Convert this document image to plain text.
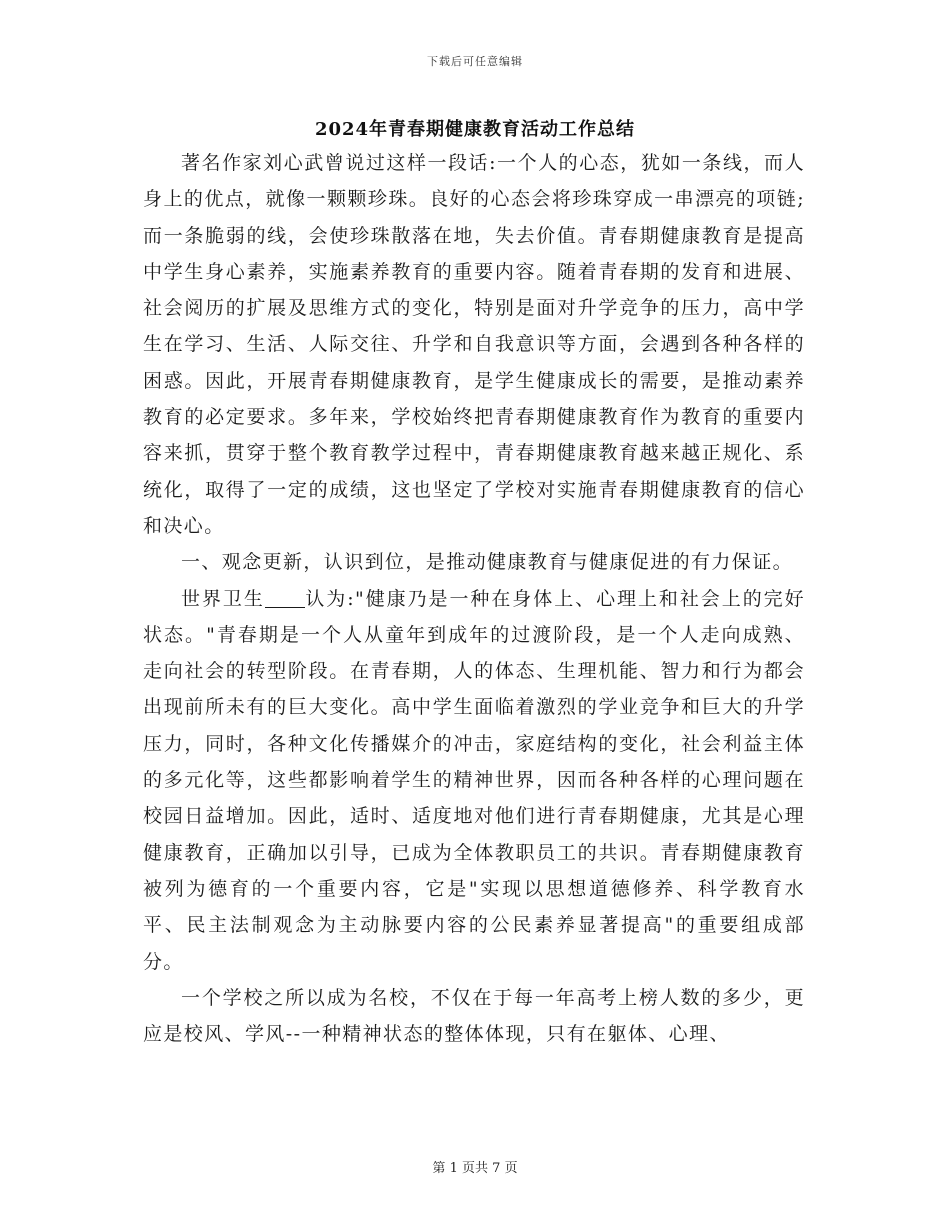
下载后可任意编辑
2024年青春期健康教育活动工作总结

著名作家刘心武曾说过这样一段话:一个人的心态，犹如一条线，而人身上的优点，就像一颗颗珍珠。良好的心态会将珍珠穿成一串漂亮的项链;而一条脆弱的线，会使珍珠散落在地，失去价值。青春期健康教育是提高中学生身心素养，实施素养教育的重要内容。随着青春期的发育和进展、社会阅历的扩展及思维方式的变化，特别是面对升学竞争的压力，高中学生在学习、生活、人际交往、升学和自我意识等方面，会遇到各种各样的困惑。因此，开展青春期健康教育，是学生健康成长的需要，是推动素养教育的必定要求。多年来，学校始终把青春期健康教育作为教育的重要内容来抓，贯穿于整个教育教学过程中，青春期健康教育越来越正规化、系统化，取得了一定的成绩，这也坚定了学校对实施青春期健康教育的信心和决心。

一、观念更新，认识到位，是推动健康教育与健康促进的有力保证。

世界卫生 认为:"健康乃是一种在身体上、心理上和社会上的完好状态。"青春期是一个人从童年到成年的过渡阶段，是一个人走向成熟、走向社会的转型阶段。在青春期，人的体态、生理机能、智力和行为都会出现前所未有的巨大变化。高中学生面临着激烈的学业竞争和巨大的升学压力，同时，各种文化传播媒介的冲击，家庭结构的变化，社会利益主体的多元化等，这些都影响着学生的精神世界，因而各种各样的心理问题在校园日益增加。因此，适时、适度地对他们进行青春期健康，尤其是心理健康教育，正确加以引导，已成为全体教职员工的共识。青春期健康教育被列为德育的一个重要内容，它是"实现以思想道德修养、科学教育水平、民主法制观念为主动脉要内容的公民素养显著提高"的重要组成部分。

一个学校之所以成为名校，不仅在于每一年高考上榜人数的多少，更应是校风、学风--一种精神状态的整体体现，只有在躯体、心理、

第 1 页共 7 页
